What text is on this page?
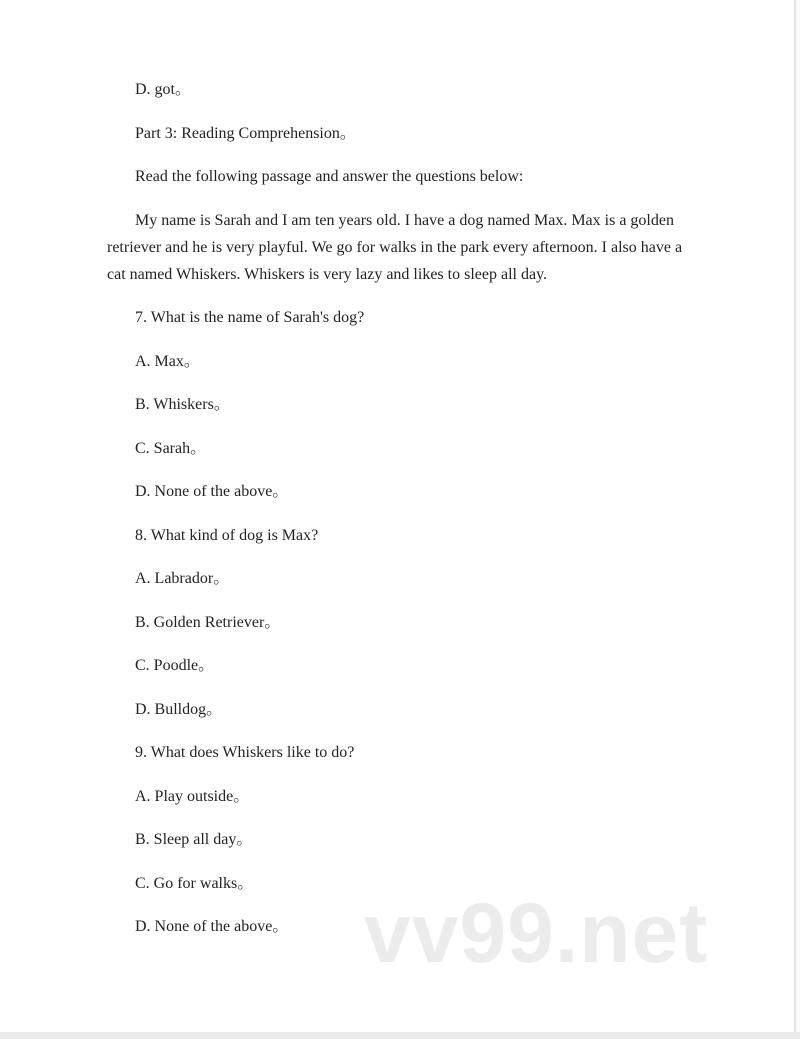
D. got。

Part 3: Reading Comprehension。

Read the following passage and answer the questions below:

My name is Sarah and I am ten years old. I have a dog named Max. Max is a golden retriever and he is very playful. We go for walks in the park every afternoon. I also have a cat named Whiskers. Whiskers is very lazy and likes to sleep all day.

7. What is the name of Sarah's dog?

A. Max。

B. Whiskers。

C. Sarah。

D. None of the above。

8. What kind of dog is Max?

A. Labrador。

B. Golden Retriever。

C. Poodle。

D. Bulldog。

9. What does Whiskers like to do?

A. Play outside。

B. Sleep all day。

C. Go for walks。

D. None of the above。 vv99.net
